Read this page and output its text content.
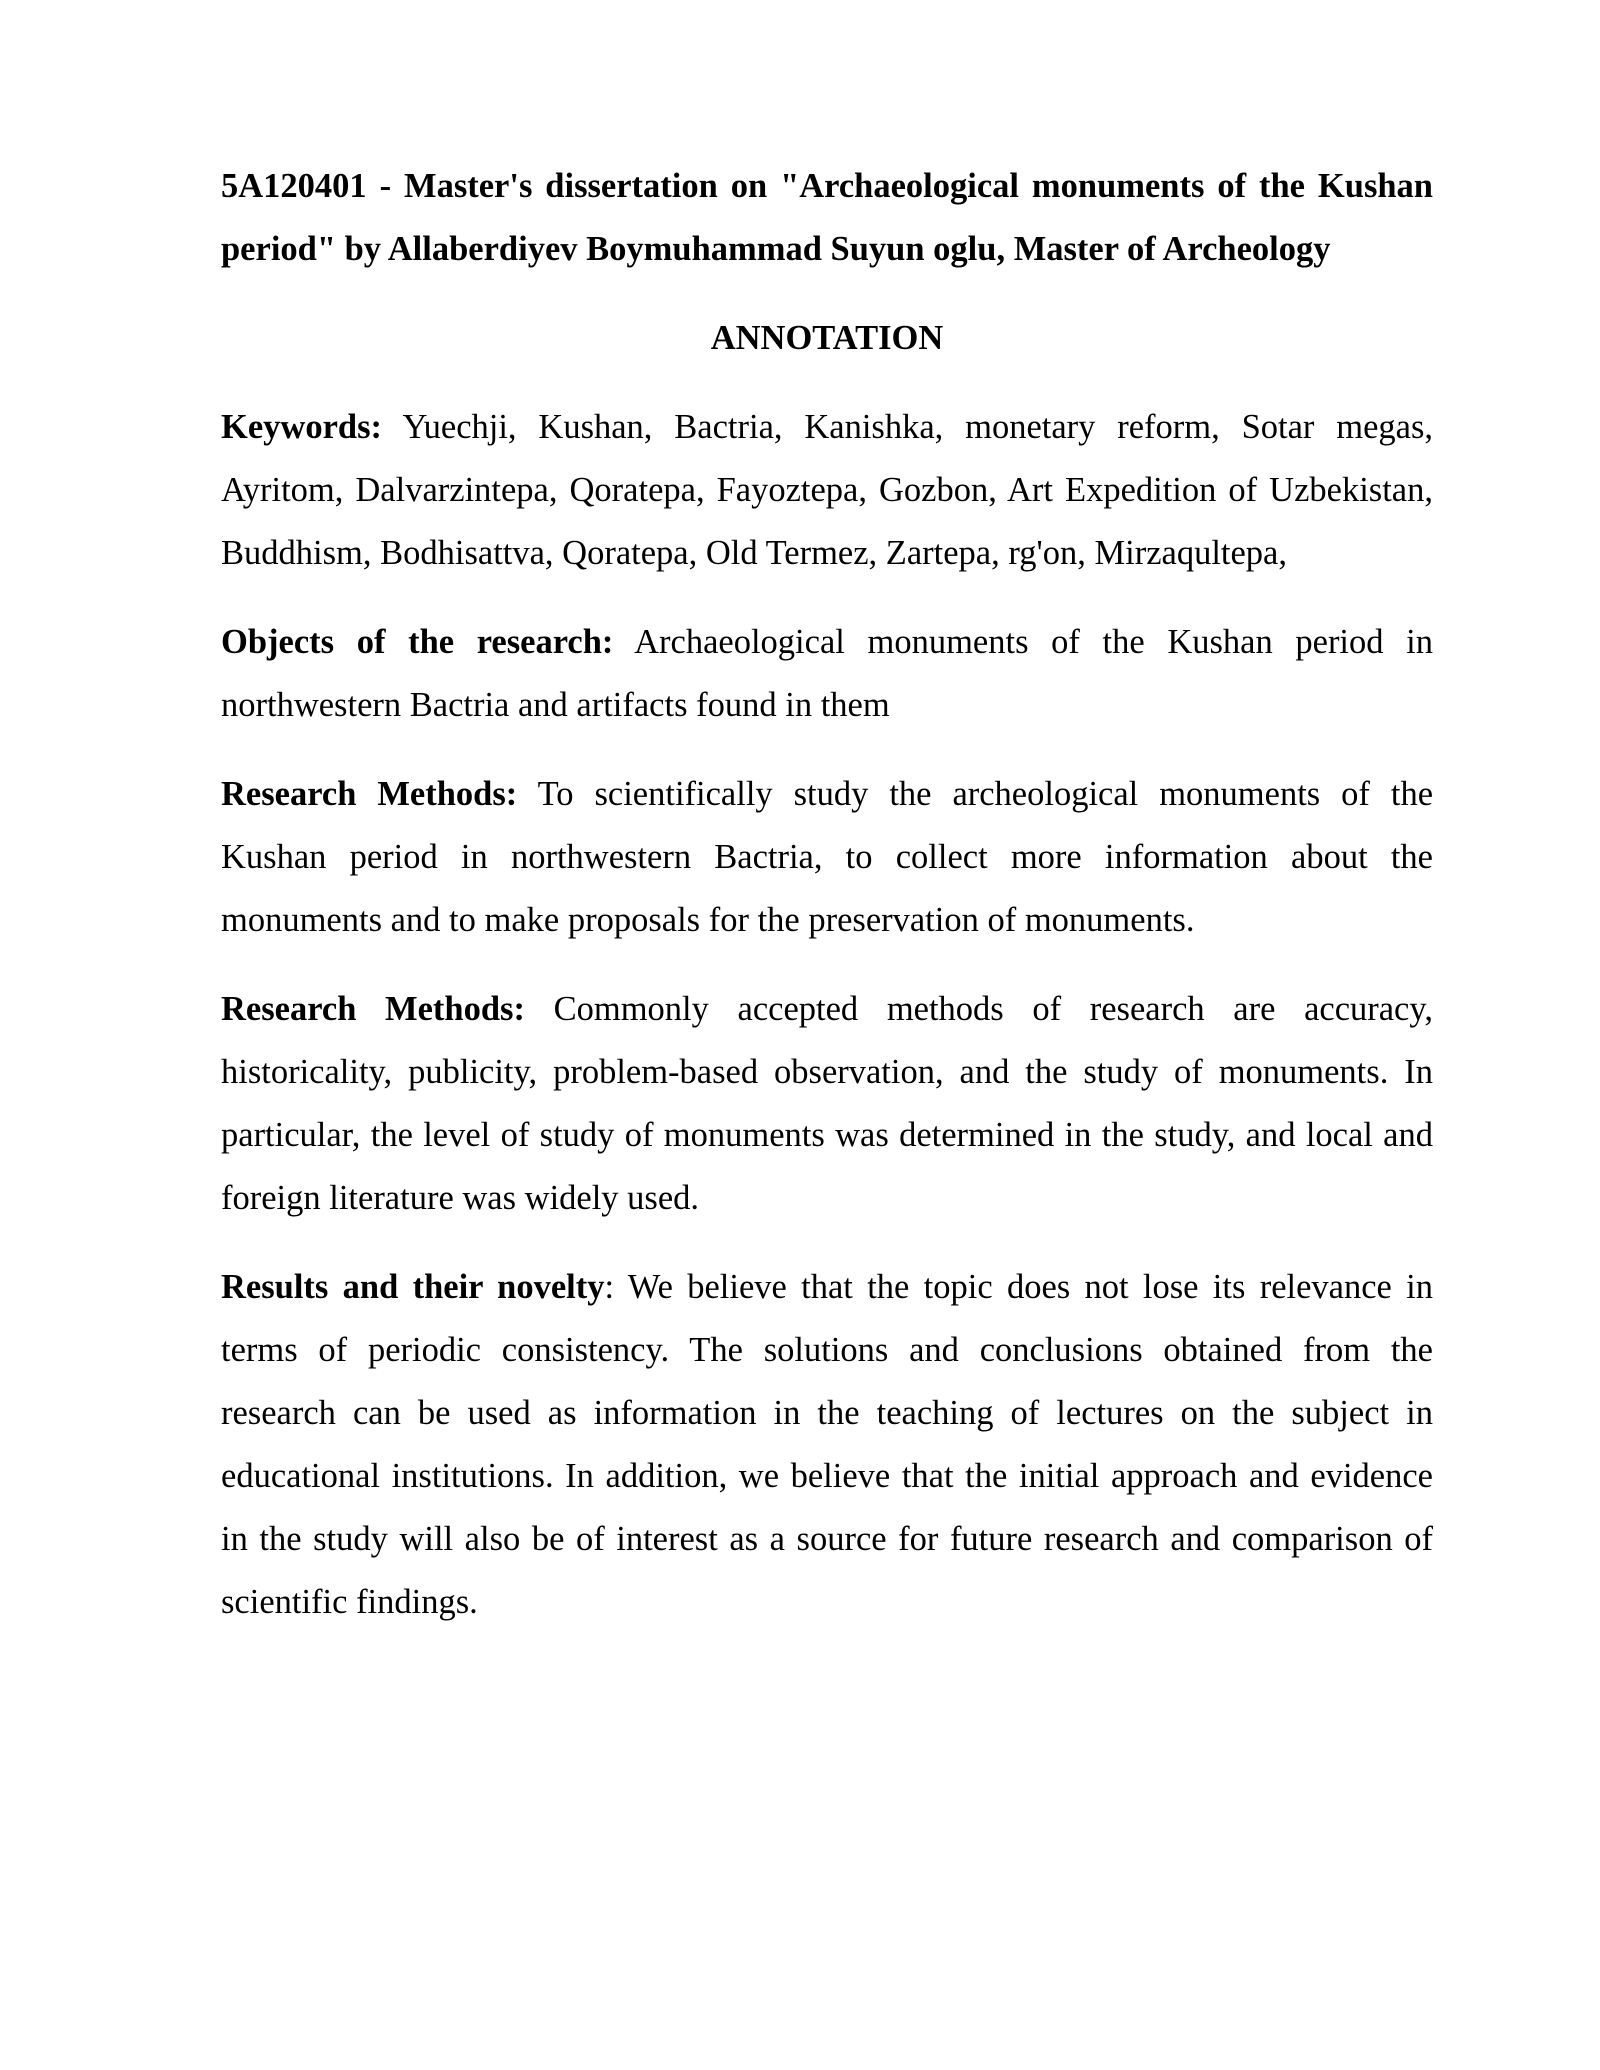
5A120401 - Master's dissertation on "Archaeological monuments of the Kushan period" by Allaberdiyev Boymuhammad Suyun oglu, Master of Archeology

ANNOTATION

Keywords: Yuechji, Kushan, Bactria, Kanishka, monetary reform, Sotar megas, Ayritom, Dalvarzintepa, Qoratepa, Fayoztepa, Gozbon, Art Expedition of Uzbekistan, Buddhism, Bodhisattva, Qoratepa, Old Termez, Zartepa, rg'on, Mirzaqultepa,

Objects of the research: Archaeological monuments of the Kushan period in northwestern Bactria and artifacts found in them

Research Methods: To scientifically study the archeological monuments of the Kushan period in northwestern Bactria, to collect more information about the monuments and to make proposals for the preservation of monuments.

Research Methods: Commonly accepted methods of research are accuracy, historicality, publicity, problem-based observation, and the study of monuments. In particular, the level of study of monuments was determined in the study, and local and foreign literature was widely used.

Results and their novelty: We believe that the topic does not lose its relevance in terms of periodic consistency. The solutions and conclusions obtained from the research can be used as information in the teaching of lectures on the subject in educational institutions. In addition, we believe that the initial approach and evidence in the study will also be of interest as a source for future research and comparison of scientific findings.
